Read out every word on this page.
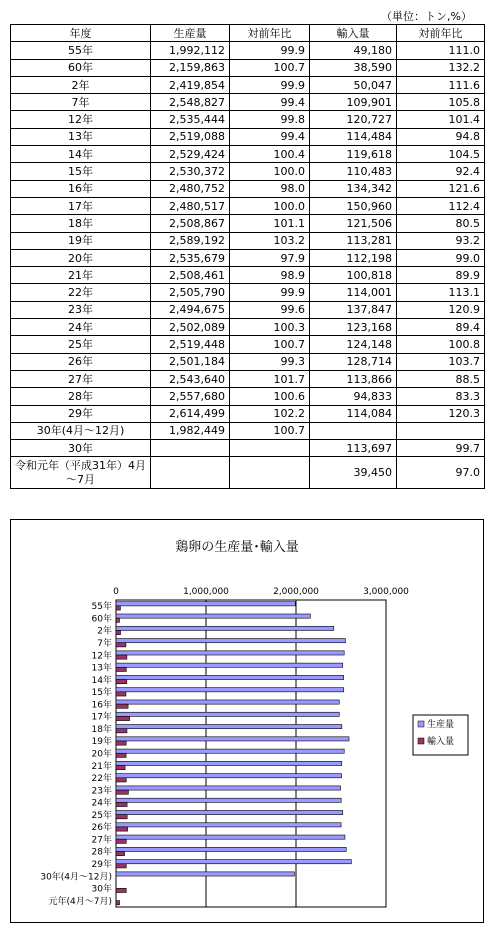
（単位：トン,%）
年度	生産量	対前年比	輸入量	対前年比
55年	1,992,112	99.9	49,180	111.0
60年	2,159,863	100.7	38,590	132.2
2年	2,419,854	99.9	50,047	111.6
7年	2,548,827	99.4	109,901	105.8
12年	2,535,444	99.8	120,727	101.4
13年	2,519,088	99.4	114,484	94.8
14年	2,529,424	100.4	119,618	104.5
15年	2,530,372	100.0	110,483	92.4
16年	2,480,752	98.0	134,342	121.6
17年	2,480,517	100.0	150,960	112.4
18年	2,508,867	101.1	121,506	80.5
19年	2,589,192	103.2	113,281	93.2
20年	2,535,679	97.9	112,198	99.0
21年	2,508,461	98.9	100,818	89.9
22年	2,505,790	99.9	114,001	113.1
23年	2,494,675	99.6	137,847	120.9
24年	2,502,089	100.3	123,168	89.4
25年	2,519,448	100.7	124,148	100.8
26年	2,501,184	99.3	128,714	103.7
27年	2,543,640	101.7	113,866	88.5
28年	2,557,680	100.6	94,833	83.3
29年	2,614,499	102.2	114,084	120.3
30年(4月～12月)	1,982,449	100.7		
30年			113,697	99.7
令和元年（平成31年）4月～7月			39,450	97.0
鶏卵の生産量･輸入量
0	1,000,000	2,000,000	3,000,000
55年
60年
2年
7年
12年
13年
14年
15年
16年
17年
18年
19年
20年
21年
22年
23年
24年
25年
26年
27年
28年
29年
30年(4月～12月)
30年
元年(4月～7月)
生産量
輸入量
